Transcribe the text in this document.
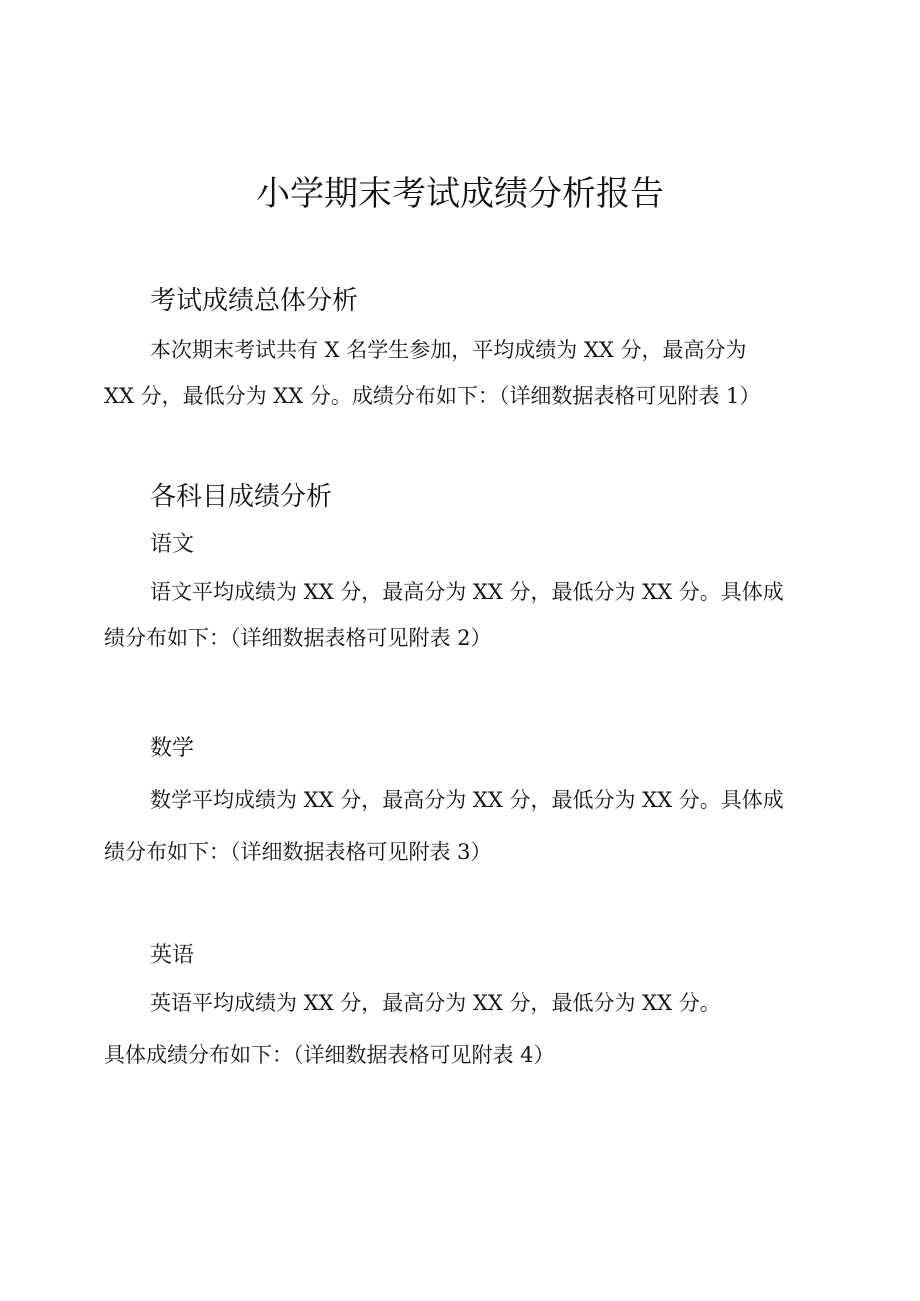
小学期末考试成绩分析报告
考试成绩总体分析
本次期末考试共有 X 名学生参加，平均成绩为 XX 分，最高分为
XX 分，最低分为 XX 分。成绩分布如下：（详细数据表格可见附表 1）
各科目成绩分析
语文
语文平均成绩为 XX 分，最高分为 XX 分，最低分为 XX 分。具体成
绩分布如下：（详细数据表格可见附表 2）
数学
数学平均成绩为 XX 分，最高分为 XX 分，最低分为 XX 分。具体成
绩分布如下：（详细数据表格可见附表 3）
英语
英语平均成绩为 XX 分，最高分为 XX 分，最低分为 XX 分。
具体成绩分布如下：（详细数据表格可见附表 4）
